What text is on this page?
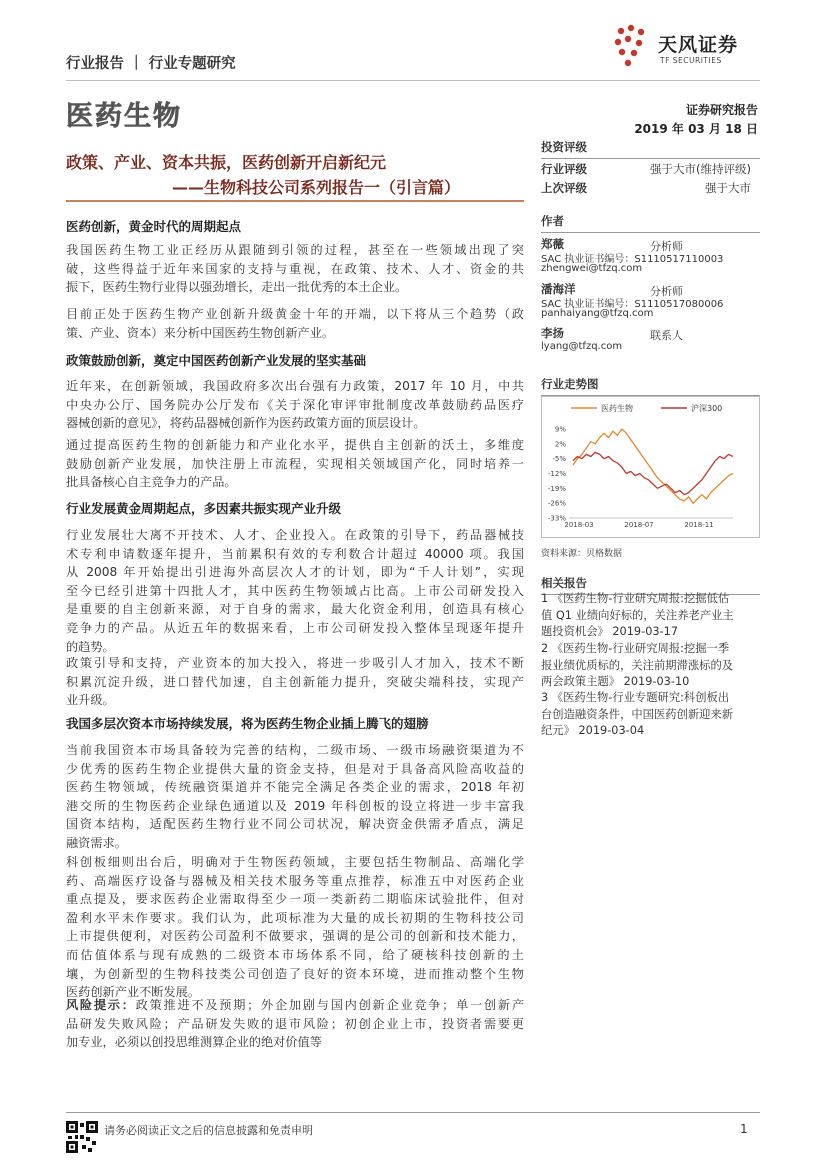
行业报告 ｜ 行业专题研究
天风证券
TF SECURITIES
医药生物	证券研究报告
2019 年 03 月 18 日
政策、产业、资本共振，医药创新开启新纪元
——生物科技公司系列报告一（引言篇）
医药创新，黄金时代的周期起点
我国医药生物工业正经历从跟随到引领的过程，甚至在一些领域出现了突
破，这些得益于近年来国家的支持与重视，在政策、技术、人才、资金的共
振下，医药生物行业得以强劲增长，走出一批优秀的本土企业。
目前正处于医药生物产业创新升级黄金十年的开端，以下将从三个趋势（政
策、产业、资本）来分析中国医药生物创新产业。
政策鼓励创新，奠定中国医药创新产业发展的坚实基础
近年来，在创新领域，我国政府多次出台强有力政策，2017 年 10 月，中共
中央办公厅、国务院办公厅发布《关于深化审评审批制度改革鼓励药品医疗
器械创新的意见》，将药品器械创新作为医药政策方面的顶层设计。
通过提高医药生物的创新能力和产业化水平，提供自主创新的沃土，多维度
鼓励创新产业发展，加快注册上市流程，实现相关领域国产化，同时培养一
批具备核心自主竞争力的产品。
行业发展黄金周期起点，多因素共振实现产业升级
行业发展壮大离不开技术、人才、企业投入。在政策的引导下，药品器械技
术专利申请数逐年提升，当前累积有效的专利数合计超过 40000 项。我国
从 2008 年开始提出引进海外高层次人才的计划，即为“千人计划”，实现
至今已经引进第十四批人才，其中医药生物领域占比高。上市公司研发投入
是重要的自主创新来源，对于自身的需求，最大化资金利用，创造具有核心
竞争力的产品。从近五年的数据来看，上市公司研发投入整体呈现逐年提升
的趋势。
政策引导和支持，产业资本的加大投入，将进一步吸引人才加入，技术不断
积累沉淀升级，进口替代加速，自主创新能力提升，突破尖端科技，实现产
业升级。
我国多层次资本市场持续发展，将为医药生物企业插上腾飞的翅膀
当前我国资本市场具备较为完善的结构，二级市场、一级市场融资渠道为不
少优秀的医药生物企业提供大量的资金支持，但是对于具备高风险高收益的
医药生物领域，传统融资渠道并不能完全满足各类企业的需求，2018 年初
港交所的生物医药企业绿色通道以及 2019 年科创板的设立将进一步丰富我
国资本结构，适配医药生物行业不同公司状况，解决资金供需矛盾点，满足
融资需求。
科创板细则出台后，明确对于生物医药领域，主要包括生物制品、高端化学
药、高端医疗设备与器械及相关技术服务等重点推荐，标准五中对医药企业
重点提及，要求医药企业需取得至少一项一类新药二期临床试验批件，但对
盈利水平未作要求。我们认为，此项标准为大量的成长初期的生物科技公司
上市提供便利，对医药公司盈利不做要求，强调的是公司的创新和技术能力，
而估值体系与现有成熟的二级资本市场体系不同，给了硬核科技创新的土
壤，为创新型的生物科技类公司创造了良好的资本环境，进而推动整个生物
医药创新产业不断发展。
风险提示：政策推进不及预期；外企加剧与国内创新企业竞争；单一创新产
品研发失败风险；产品研发失败的退市风险；初创企业上市，投资者需要更
加专业，必须以创投思维测算企业的绝对价值等
投资评级
行业评级	强于大市(维持评级)
上次评级	强于大市
作者
郑薇	分析师
SAC 执业证书编号：S1110517110003
zhengwei@tfzq.com
潘海洋	分析师
SAC 执业证书编号：S1110517080006
panhaiyang@tfzq.com
李扬	联系人
lyang@tfzq.com
行业走势图
医药生物	沪深300
9%
2%
-5%
-12%
-19%
-26%
-33%
2018-03	2018-07	2018-11
资料来源：贝格数据
相关报告
1 《医药生物-行业研究周报:挖掘低估
值 Q1 业绩向好标的，关注养老产业主
题投资机会》 2019-03-17
2 《医药生物-行业研究周报:挖掘一季
报业绩优质标的，关注前期滞涨标的及
两会政策主题》 2019-03-10
3 《医药生物-行业专题研究:科创板出
台创造融资条件，中国医药创新迎来新
纪元》 2019-03-04
请务必阅读正文之后的信息披露和免责申明	1
